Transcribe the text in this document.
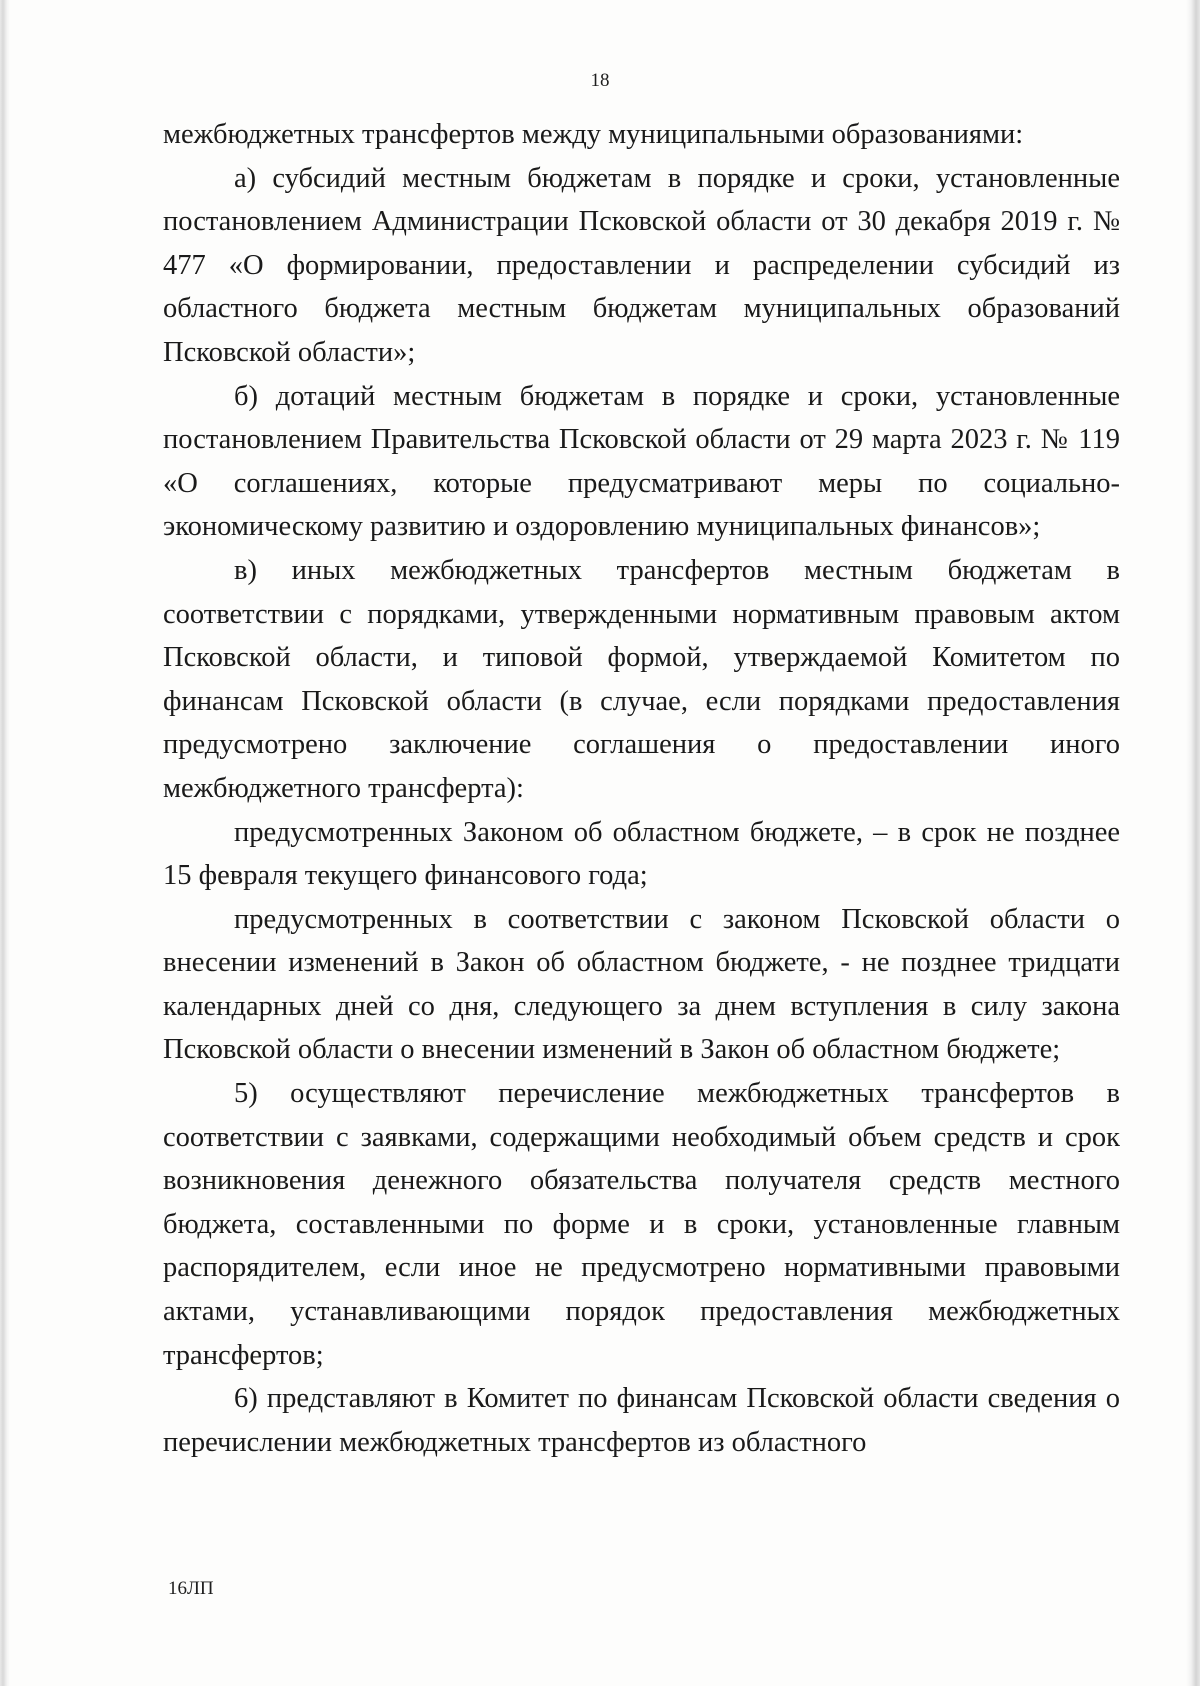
18
межбюджетных трансфертов между муниципальными образованиями:
а) субсидий местным бюджетам в порядке и сроки, установленные постановлением Администрации Псковской области от 30 декабря 2019 г. № 477 «О формировании, предоставлении и распределении субсидий из областного бюджета местным бюджетам муниципальных образований Псковской области»;
б) дотаций местным бюджетам в порядке и сроки, установленные постановлением Правительства Псковской области от 29 марта 2023 г. № 119 «О соглашениях, которые предусматривают меры по социально-экономическому развитию и оздоровлению муниципальных финансов»;
в) иных межбюджетных трансфертов местным бюджетам в соответствии с порядками, утвержденными нормативным правовым актом Псковской области, и типовой формой, утверждаемой Комитетом по финансам Псковской области (в случае, если порядками предоставления предусмотрено заключение соглашения о предоставлении иного межбюджетного трансферта):
предусмотренных Законом об областном бюджете, – в срок не позднее 15 февраля текущего финансового года;
предусмотренных в соответствии с законом Псковской области о внесении изменений в Закон об областном бюджете, - не позднее тридцати календарных дней со дня, следующего за днем вступления в силу закона Псковской области о внесении изменений в Закон об областном бюджете;
5) осуществляют перечисление межбюджетных трансфертов в соответствии с заявками, содержащими необходимый объем средств и срок возникновения денежного обязательства получателя средств местного бюджета, составленными по форме и в сроки, установленные главным распорядителем, если иное не предусмотрено нормативными правовыми актами, устанавливающими порядок предоставления межбюджетных трансфертов;
6) представляют в Комитет по финансам Псковской области сведения о перечислении межбюджетных трансфертов из областного
16ЛП
